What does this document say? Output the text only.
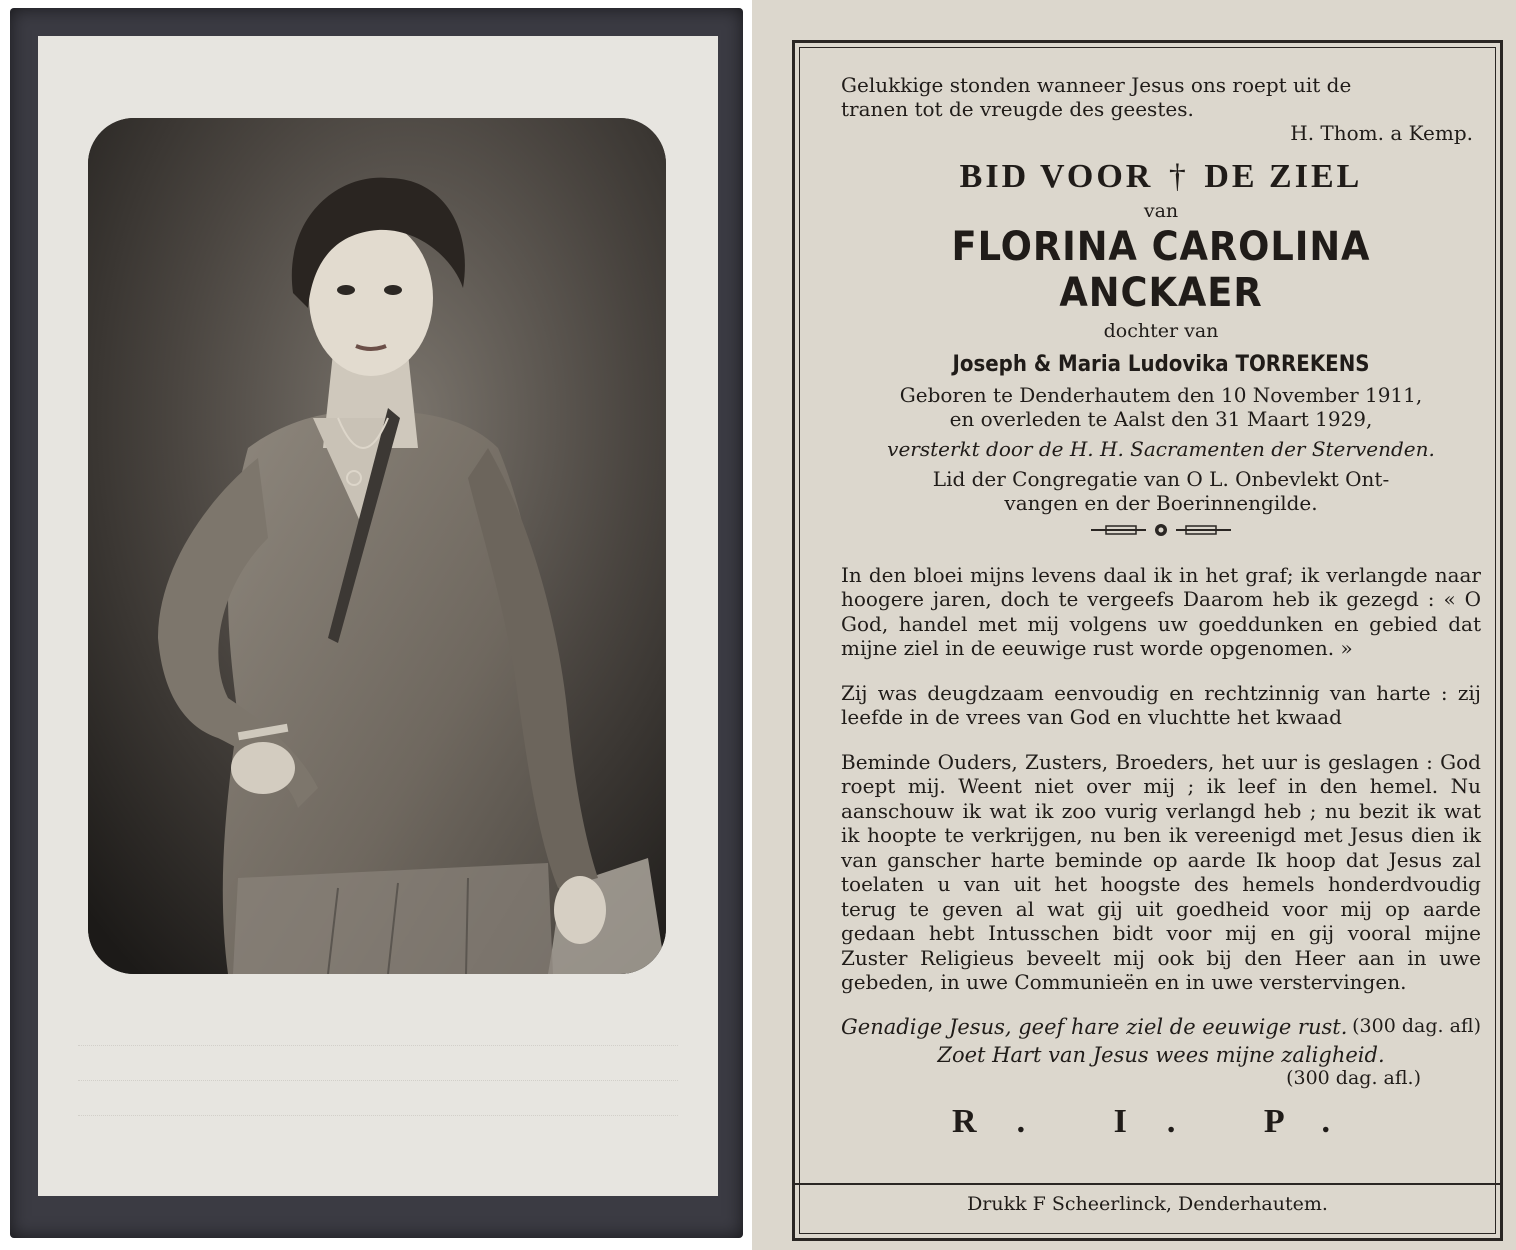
Gelukkige stonden wanneer Jesus ons roept uit de

tranen tot de vreugde des geestes.

H. Thom. a Kemp.

BID VOOR † DE ZIEL
van
FLORINA CAROLINA ANCKAER
dochter van
Joseph & Maria Ludovika TORREKENS
Geboren te Denderhautem den 10 November 1911,
en overleden te Aalst den 31 Maart 1929,
versterkt door de H. H. Sacramenten der Stervenden.
Lid der Congregatie van O L. Onbevlekt Ont-
vangen en der Boerinnengilde.

In den bloei mijns levens daal ik in het graf; ik verlangde naar hoogere jaren, doch te vergeefs Daarom heb ik gezegd : « O God, handel met mij volgens uw goeddunken en gebied dat mijne ziel in de eeuwige rust worde opgenomen. »

Zij was deugdzaam eenvoudig en rechtzinnig van harte : zij leefde in de vrees van God en vluchtte het kwaad

Beminde Ouders, Zusters, Broeders, het uur is geslagen : God roept mij. Weent niet over mij ; ik leef in den hemel. Nu aanschouw ik wat ik zoo vurig verlangd heb ; nu bezit ik wat ik hoopte te verkrijgen, nu ben ik vereenigd met Jesus dien ik van ganscher harte beminde op aarde Ik hoop dat Jesus zal toelaten u van uit het hoogste des hemels honderdvoudig terug te geven al wat gij uit goedheid voor mij op aarde gedaan hebt Intusschen bidt voor mij en gij vooral mijne Zuster Religieus beveelt mij ook bij den Heer aan in uwe gebeden, in uwe Communieën en in uwe verstervingen.

Genadige Jesus, geef hare ziel de eeuwige rust. (300 dag. afl)

Zoet Hart van Jesus wees mijne zaligheid.

(300 dag. afl.)
R. I. P.
Drukk F Scheerlinck, Denderhautem.
